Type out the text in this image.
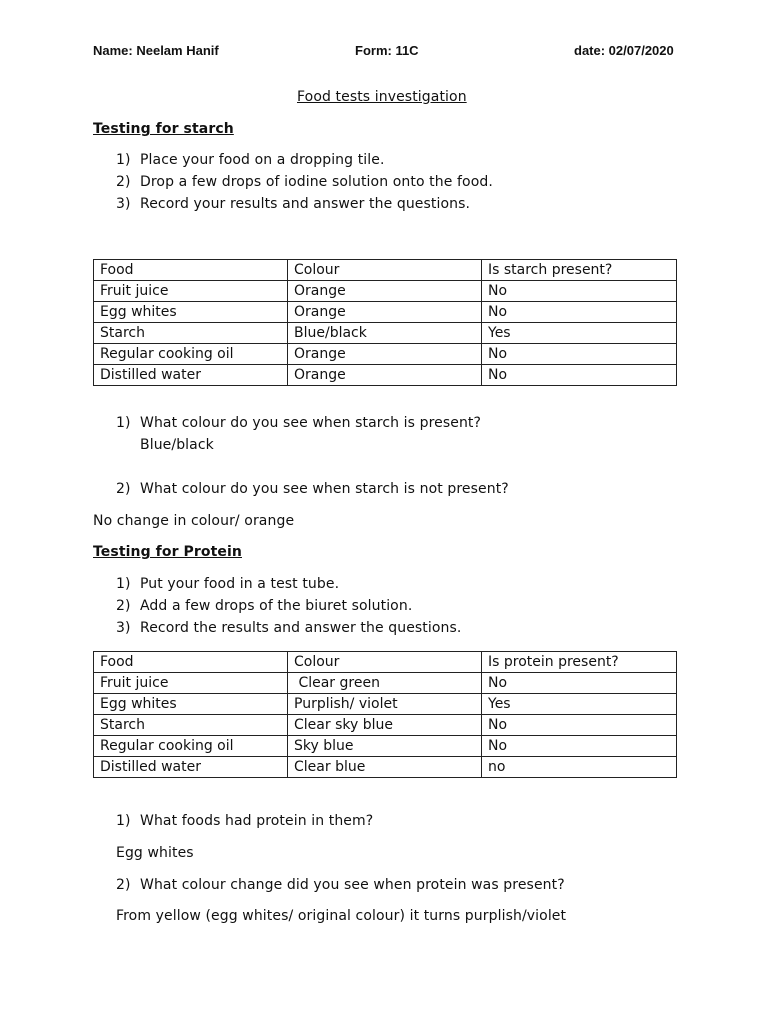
Name: Neelam Hanif	Form: 11C	date: 02/07/2020
Food tests investigation
Testing for starch
1) Place your food on a dropping tile.
2) Drop a few drops of iodine solution onto the food.
3) Record your results and answer the questions.
Food	Colour	Is starch present?
Fruit juice	Orange	No
Egg whites	Orange	No
Starch	Blue/black	Yes
Regular cooking oil	Orange	No
Distilled water	Orange	No
1) What colour do you see when starch is present?
Blue/black
2) What colour do you see when starch is not present?
No change in colour/ orange
Testing for Protein
1) Put your food in a test tube.
2) Add a few drops of the biuret solution.
3) Record the results and answer the questions.
Food	Colour	Is protein present?
Fruit juice	Clear green	No
Egg whites	Purplish/ violet	Yes
Starch	Clear sky blue	No
Regular cooking oil	Sky blue	No
Distilled water	Clear blue	no
1) What foods had protein in them?
Egg whites
2) What colour change did you see when protein was present?
From yellow (egg whites/ original colour) it turns purplish/violet
